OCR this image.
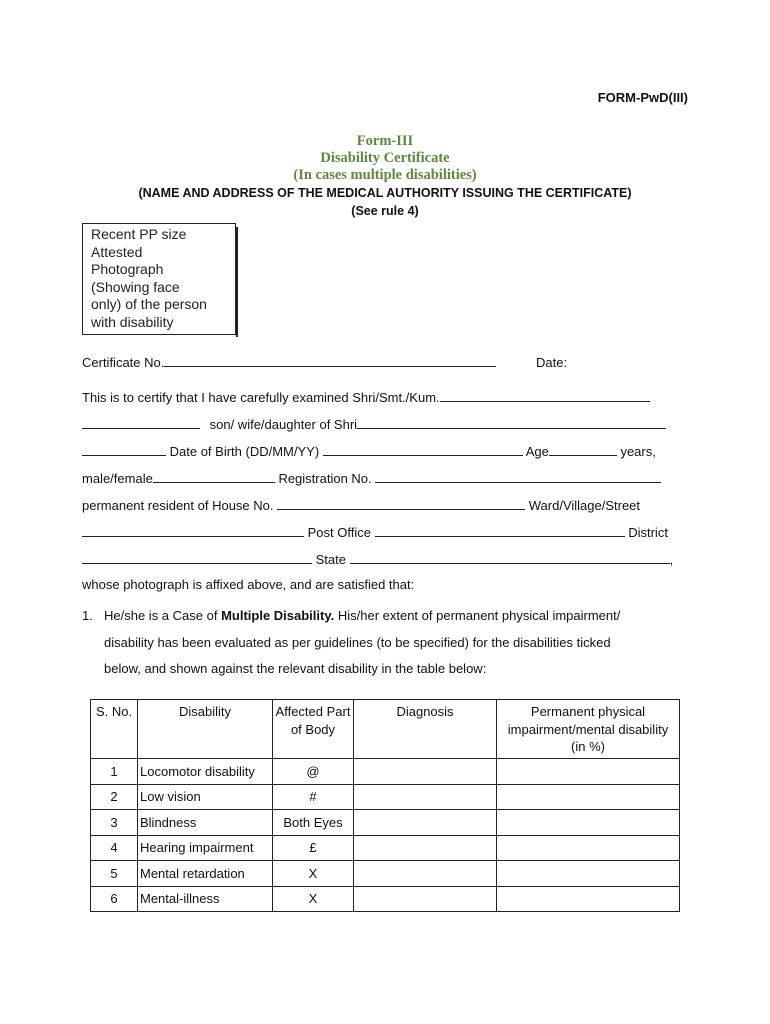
FORM-PwD(III)
Form-III
Disability Certificate
(In cases multiple disabilities)
(NAME AND ADDRESS OF THE MEDICAL AUTHORITY ISSUING THE CERTIFICATE)
(See rule 4)
Recent PP size
Attested
Photograph
(Showing face
only) of the person
with disability
Certificate No.	Date:
This is to certify that I have carefully examined Shri/Smt./Kum.
son/ wife/daughter of Shri
Date of Birth (DD/MM/YY)	Age	years,
male/female	Registration No.
permanent resident of House No.	Ward/Village/Street
Post Office	District
State	,
whose photograph is affixed above, and are satisfied that:
1. He/she is a Case of Multiple Disability. His/her extent of permanent physical impairment/
disability has been evaluated as per guidelines (to be specified) for the disabilities ticked
below, and shown against the relevant disability in the table below:
S. No.	Disability	Affected Part of Body	Diagnosis	Permanent physical impairment/mental disability (in %)
1	Locomotor disability	@		
2	Low vision	#		
3	Blindness	Both Eyes		
4	Hearing impairment	£		
5	Mental retardation	X		
6	Mental-illness	X		
